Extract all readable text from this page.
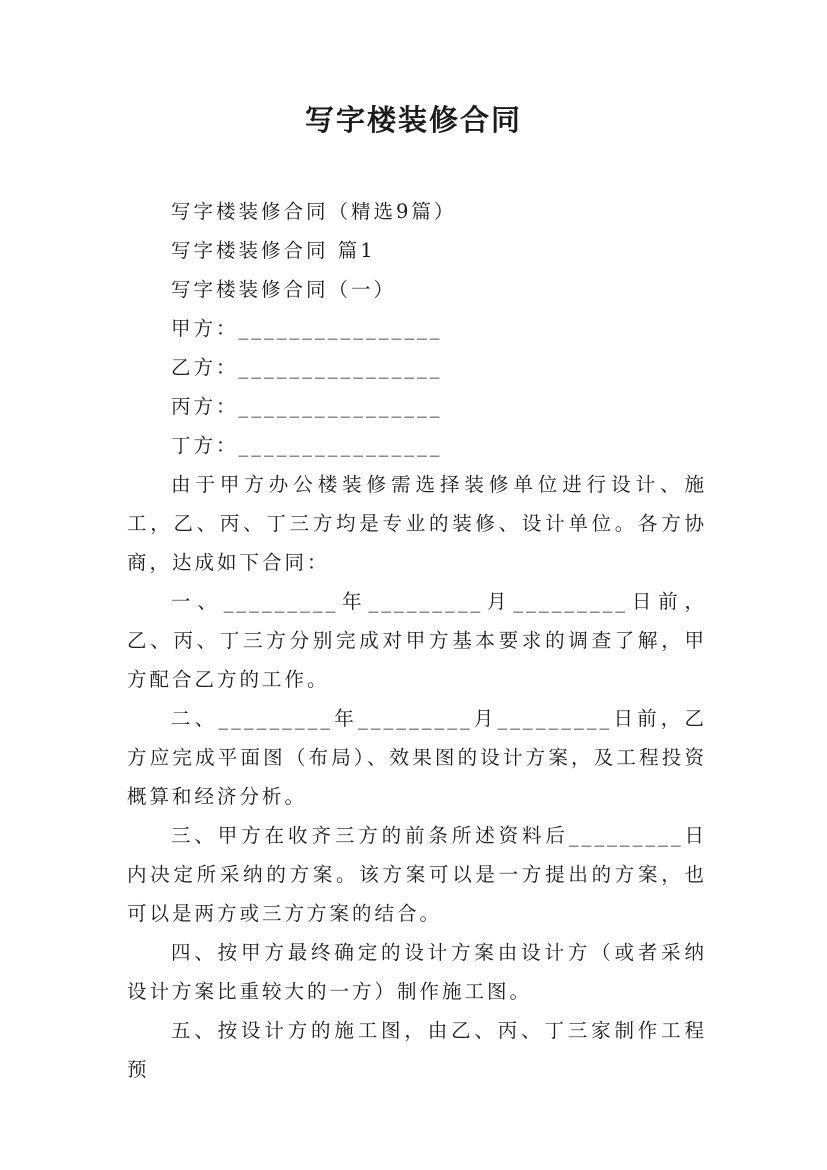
写字楼装修合同

写字楼装修合同（精选9篇）

写字楼装修合同 篇1

写字楼装修合同（一）

甲方：________________

乙方：________________

丙方：________________

丁方：________________

由于甲方办公楼装修需选择装修单位进行设计、施工，乙、丙、丁三方均是专业的装修、设计单位。各方协商，达成如下合同：

一、_________年_________月_________日前，乙、丙、丁三方分别完成对甲方基本要求的调查了解，甲方配合乙方的工作。

二、_________年_________月_________日前，乙方应完成平面图（布局）、效果图的设计方案，及工程投资概算和经济分析。

三、甲方在收齐三方的前条所述资料后_________日内决定所采纳的方案。该方案可以是一方提出的方案，也可以是两方或三方方案的结合。

四、按甲方最终确定的设计方案由设计方（或者采纳设计方案比重较大的一方）制作施工图。

五、按设计方的施工图，由乙、丙、丁三家制作工程预
